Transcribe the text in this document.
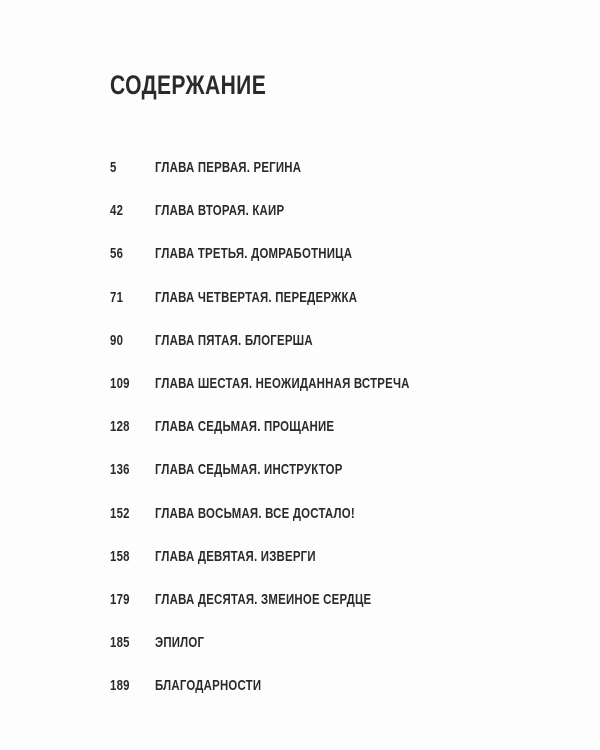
СОДЕРЖАНИЕ
5	ГЛАВА ПЕРВАЯ. РЕГИНА
42 ГЛАВА ВТОРАЯ. КАИР
56 ГЛАВА ТРЕТЬЯ. ДОМРАБОТНИЦА
71 ГЛАВА ЧЕТВЕРТАЯ. ПЕРЕДЕРЖКА
90 ГЛАВА ПЯТАЯ. БЛОГЕРША
109 ГЛАВА ШЕСТАЯ. НЕОЖИДАННАЯ ВСТРЕЧА
128 ГЛАВА СЕДЬМАЯ. ПРОЩАНИЕ
136 ГЛАВА СЕДЬМАЯ. ИНСТРУКТОР
152 ГЛАВА ВОСЬМАЯ. ВСЕ ДОСТАЛО!
158 ГЛАВА ДЕВЯТАЯ. ИЗВЕРГИ
179 ГЛАВА ДЕСЯТАЯ. ЗМЕИНОЕ СЕРДЦЕ
185 ЭПИЛОГ
189 БЛАГОДАРНОСТИ
